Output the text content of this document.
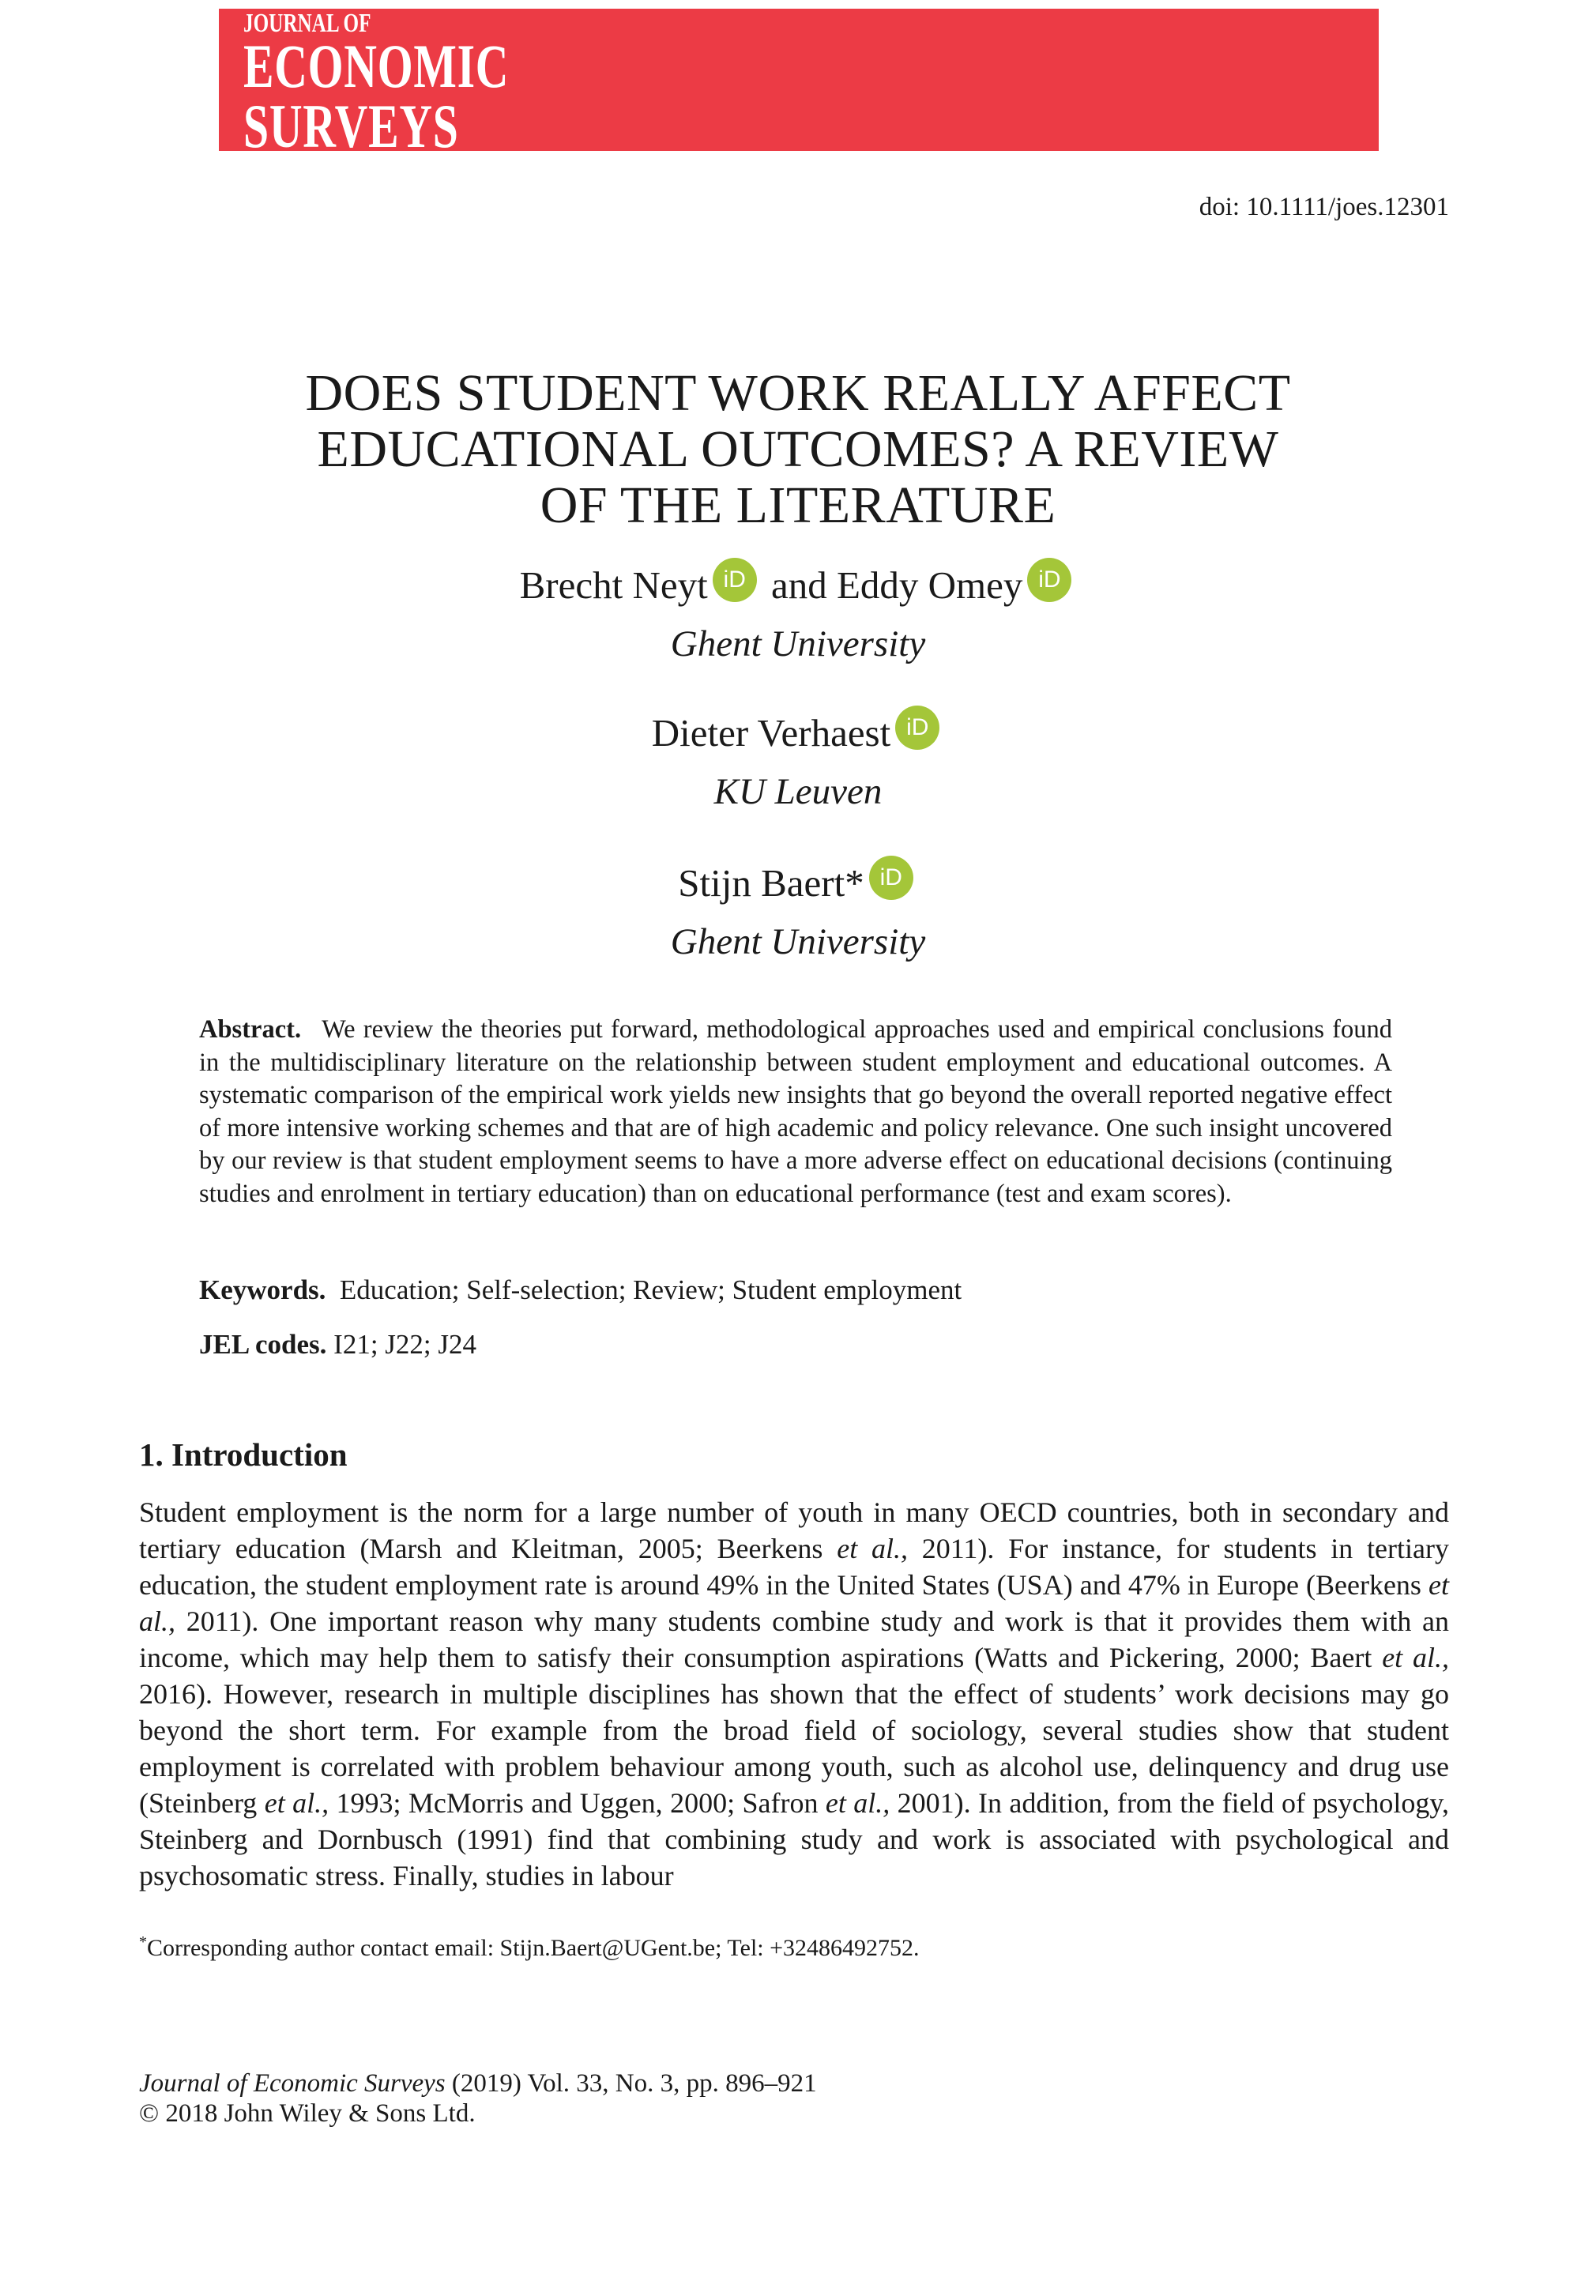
JOURNAL OF
ECONOMIC
SURVEYS
doi: 10.1111/joes.12301
DOES STUDENT WORK REALLY AFFECT
EDUCATIONAL OUTCOMES? A REVIEW
OF THE LITERATURE
Brecht Neyt iD and Eddy Omey iD
Ghent University
Dieter Verhaest iD
KU Leuven
Stijn Baert* iD
Ghent University
Abstract. We review the theories put forward, methodological approaches used and empirical conclusions found in the multidisciplinary literature on the relationship between student employment and educational outcomes. A systematic comparison of the empirical work yields new insights that go beyond the overall reported negative effect of more intensive working schemes and that are of high academic and policy relevance. One such insight uncovered by our review is that student employment seems to have a more adverse effect on educational decisions (continuing studies and enrolment in tertiary education) than on educational performance (test and exam scores).
Keywords. Education; Self-selection; Review; Student employment
JEL codes. I21; J22; J24
1. Introduction
Student employment is the norm for a large number of youth in many OECD countries, both in secondary and tertiary education (Marsh and Kleitman, 2005; Beerkens et al., 2011). For instance, for students in tertiary education, the student employment rate is around 49% in the United States (USA) and 47% in Europe (Beerkens et al., 2011). One important reason why many students combine study and work is that it provides them with an income, which may help them to satisfy their consumption aspirations (Watts and Pickering, 2000; Baert et al., 2016). However, research in multiple disciplines has shown that the effect of students’ work decisions may go beyond the short term. For example from the broad field of sociology, several studies show that student employment is correlated with problem behaviour among youth, such as alcohol use, delinquency and drug use (Steinberg et al., 1993; McMorris and Uggen, 2000; Safron et al., 2001). In addition, from the field of psychology, Steinberg and Dornbusch (1991) find that combining study and work is associated with psychological and psychosomatic stress. Finally, studies in labour
*Corresponding author contact email: Stijn.Baert@UGent.be; Tel: +32486492752.
Journal of Economic Surveys (2019) Vol. 33, No. 3, pp. 896–921
© 2018 John Wiley & Sons Ltd.
